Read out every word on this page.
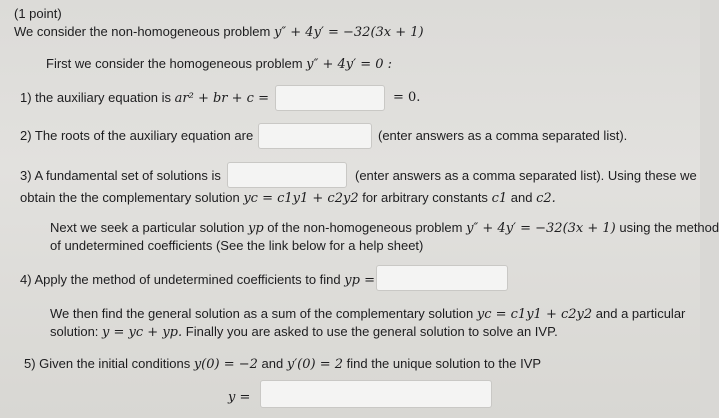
(1 point)
We consider the non-homogeneous problem y″ + 4y′ = −32(3x + 1)
First we consider the homogeneous problem y″ + 4y′ = 0 :
1) the auxiliary equation is ar² + br + c =	= 0.
2) The roots of the auxiliary equation are	(enter answers as a comma separated list).
3) A fundamental set of solutions is	(enter answers as a comma separated list). Using these we
obtain the the complementary solution yc = c1y1 + c2y2 for arbitrary constants c1 and c2.
Next we seek a particular solution yp of the non-homogeneous problem y″ + 4y′ = −32(3x + 1) using the method
of undetermined coefficients (See the link below for a help sheet)
4) Apply the method of undetermined coefficients to find yp =
We then find the general solution as a sum of the complementary solution yc = c1y1 + c2y2 and a particular
solution: y = yc + yp. Finally you are asked to use the general solution to solve an IVP.
5) Given the initial conditions y(0) = −2 and y′(0) = 2 find the unique solution to the IVP
y =
